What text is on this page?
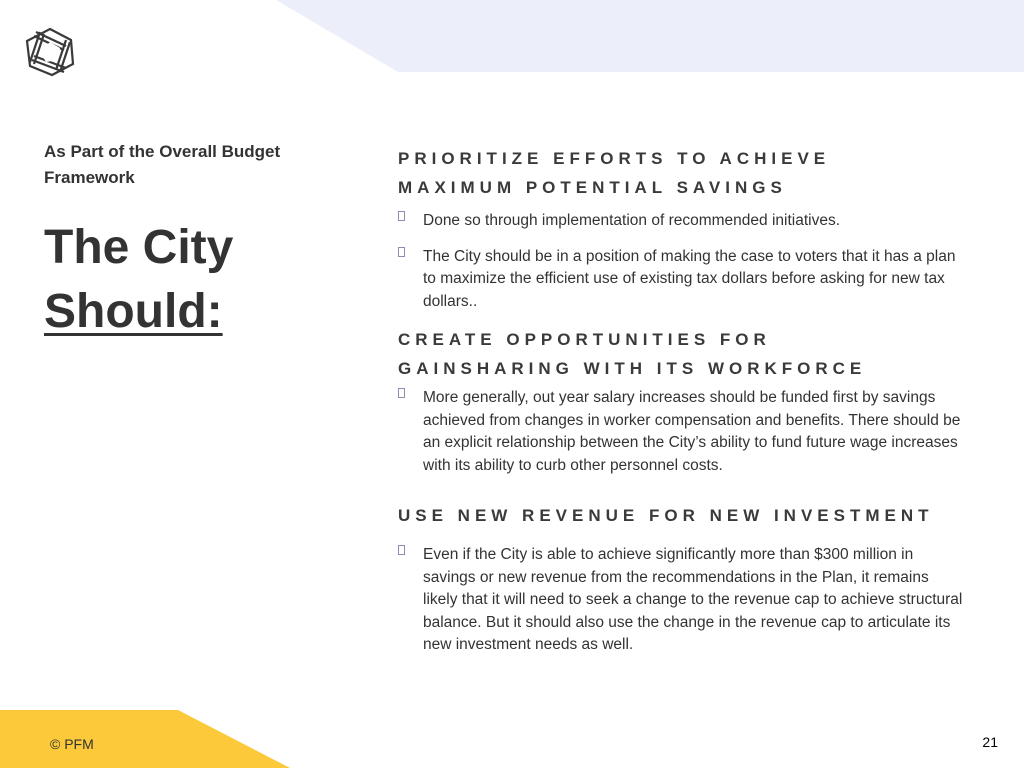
As Part of the Overall Budget Framework
The City
Should:
PRIORITIZE EFFORTS TO ACHIEVE
MAXIMUM POTENTIAL SAVINGS
Done so through implementation of recommended initiatives.
The City should be in a position of making the case to voters that it has a plan to maximize the efficient use of existing tax dollars before asking for new tax dollars..
CREATE OPPORTUNITIES FOR
GAINSHARING WITH ITS WORKFORCE
More generally, out year salary increases should be funded first by savings achieved from changes in worker compensation and benefits. There should be an explicit relationship between the City’s ability to fund future wage increases with its ability to curb other personnel costs.
USE NEW REVENUE FOR NEW INVESTMENT
Even if the City is able to achieve significantly more than $300 million in savings or new revenue from the recommendations in the Plan, it remains likely that it will need to seek a change to the revenue cap to achieve structural balance. But it should also use the change in the revenue cap to articulate its new investment needs as well.
© PFM	21
